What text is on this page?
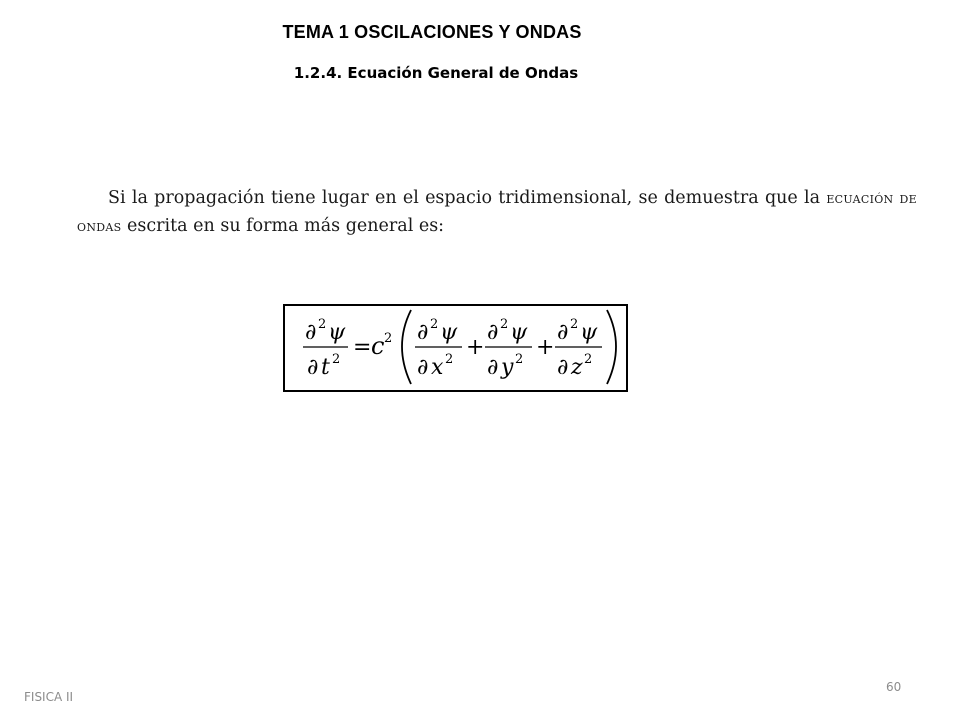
TEMA 1 OSCILACIONES Y ONDAS
1.2.4. Ecuación General de Ondas
Si la propagación tiene lugar en el espacio tridimensional, se demuestra que la ecuación de
ondas escrita en su forma más general es:
∂ 2 ψ
∂ t 2 = c 2 ∂ 2 ψ
∂ x 2 +
∂ 2 ψ
∂ y 2 +
∂ 2 ψ
∂ z 2
FISICA II
60
